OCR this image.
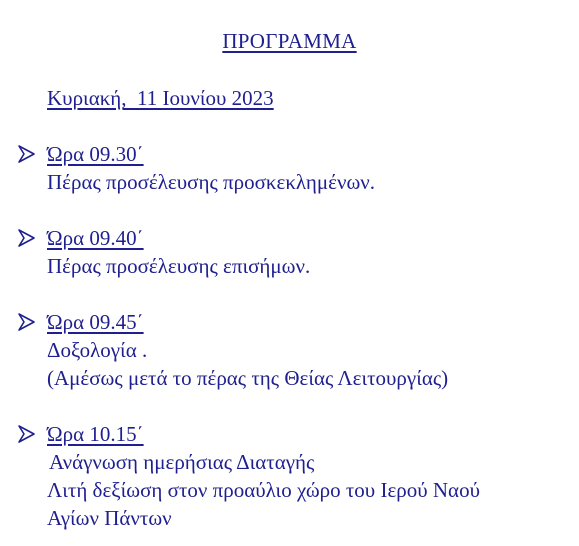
ΠΡΟΓΡΑΜΜΑ
Κυριακή,  11 Ιουνίου 2023
Ώρα 09.30΄
Πέρας προσέλευσης προσκεκλημένων.
Ώρα 09.40΄
Πέρας προσέλευσης επισήμων.
Ώρα 09.45΄
Δοξολογία .
(Αμέσως μετά το πέρας της Θείας Λειτουργίας)
Ώρα 10.15΄
Ανάγνωση ημερήσιας Διαταγής
Λιτή δεξίωση στον προαύλιο χώρο του Ιερού Ναού
Αγίων Πάντων
